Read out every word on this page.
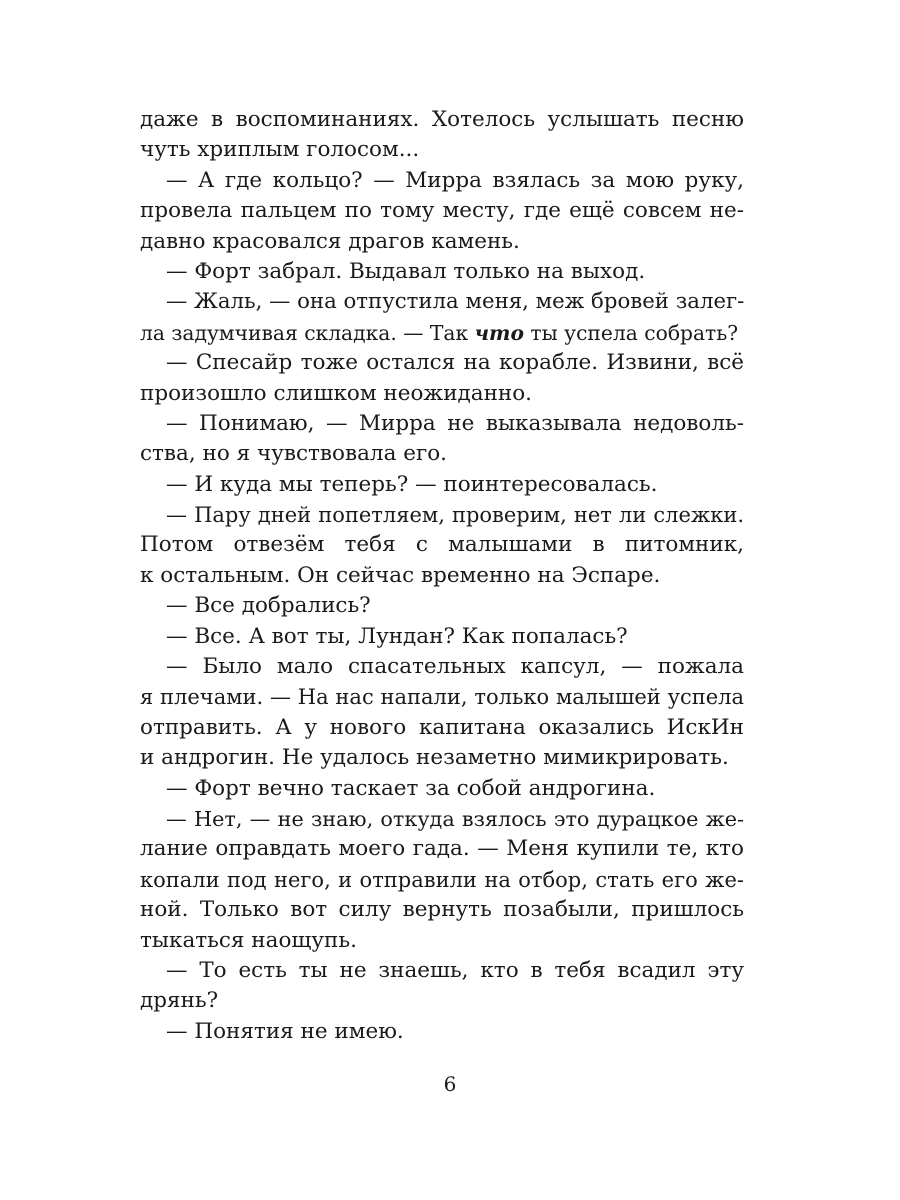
даже в воспоминаниях. Хотелось услышать песню
чуть хриплым голосом...
— А где кольцо? — Мирра взялась за мою руку,
провела пальцем по тому месту, где ещё совсем не-
давно красовался драгов камень.
— Форт забрал. Выдавал только на выход.
— Жаль, — она отпустила меня, меж бровей залег-
ла задумчивая складка. — Так что ты успела собрать?
— Спесайр тоже остался на корабле. Извини, всё
произошло слишком неожиданно.
— Понимаю, — Мирра не выказывала недоволь-
ства, но я чувствовала его.
— И куда мы теперь? — поинтересовалась.
— Пару дней попетляем, проверим, нет ли слежки.
Потом отвезём тебя с малышами в питомник,
к остальным. Он сейчас временно на Эспаре.
— Все добрались?
— Все. А вот ты, Лундан? Как попалась?
— Было мало спасательных капсул, — пожала
я плечами. — На нас напали, только малышей успела
отправить. А у нового капитана оказались ИскИн
и андрогин. Не удалось незаметно мимикрировать.
— Форт вечно таскает за собой андрогина.
— Нет, — не знаю, откуда взялось это дурацкое же-
лание оправдать моего гада. — Меня купили те, кто
копали под него, и отправили на отбор, стать его же-
ной. Только вот силу вернуть позабыли, пришлось
тыкаться наощупь.
— То есть ты не знаешь, кто в тебя всадил эту
дрянь?
— Понятия не имею.
6
